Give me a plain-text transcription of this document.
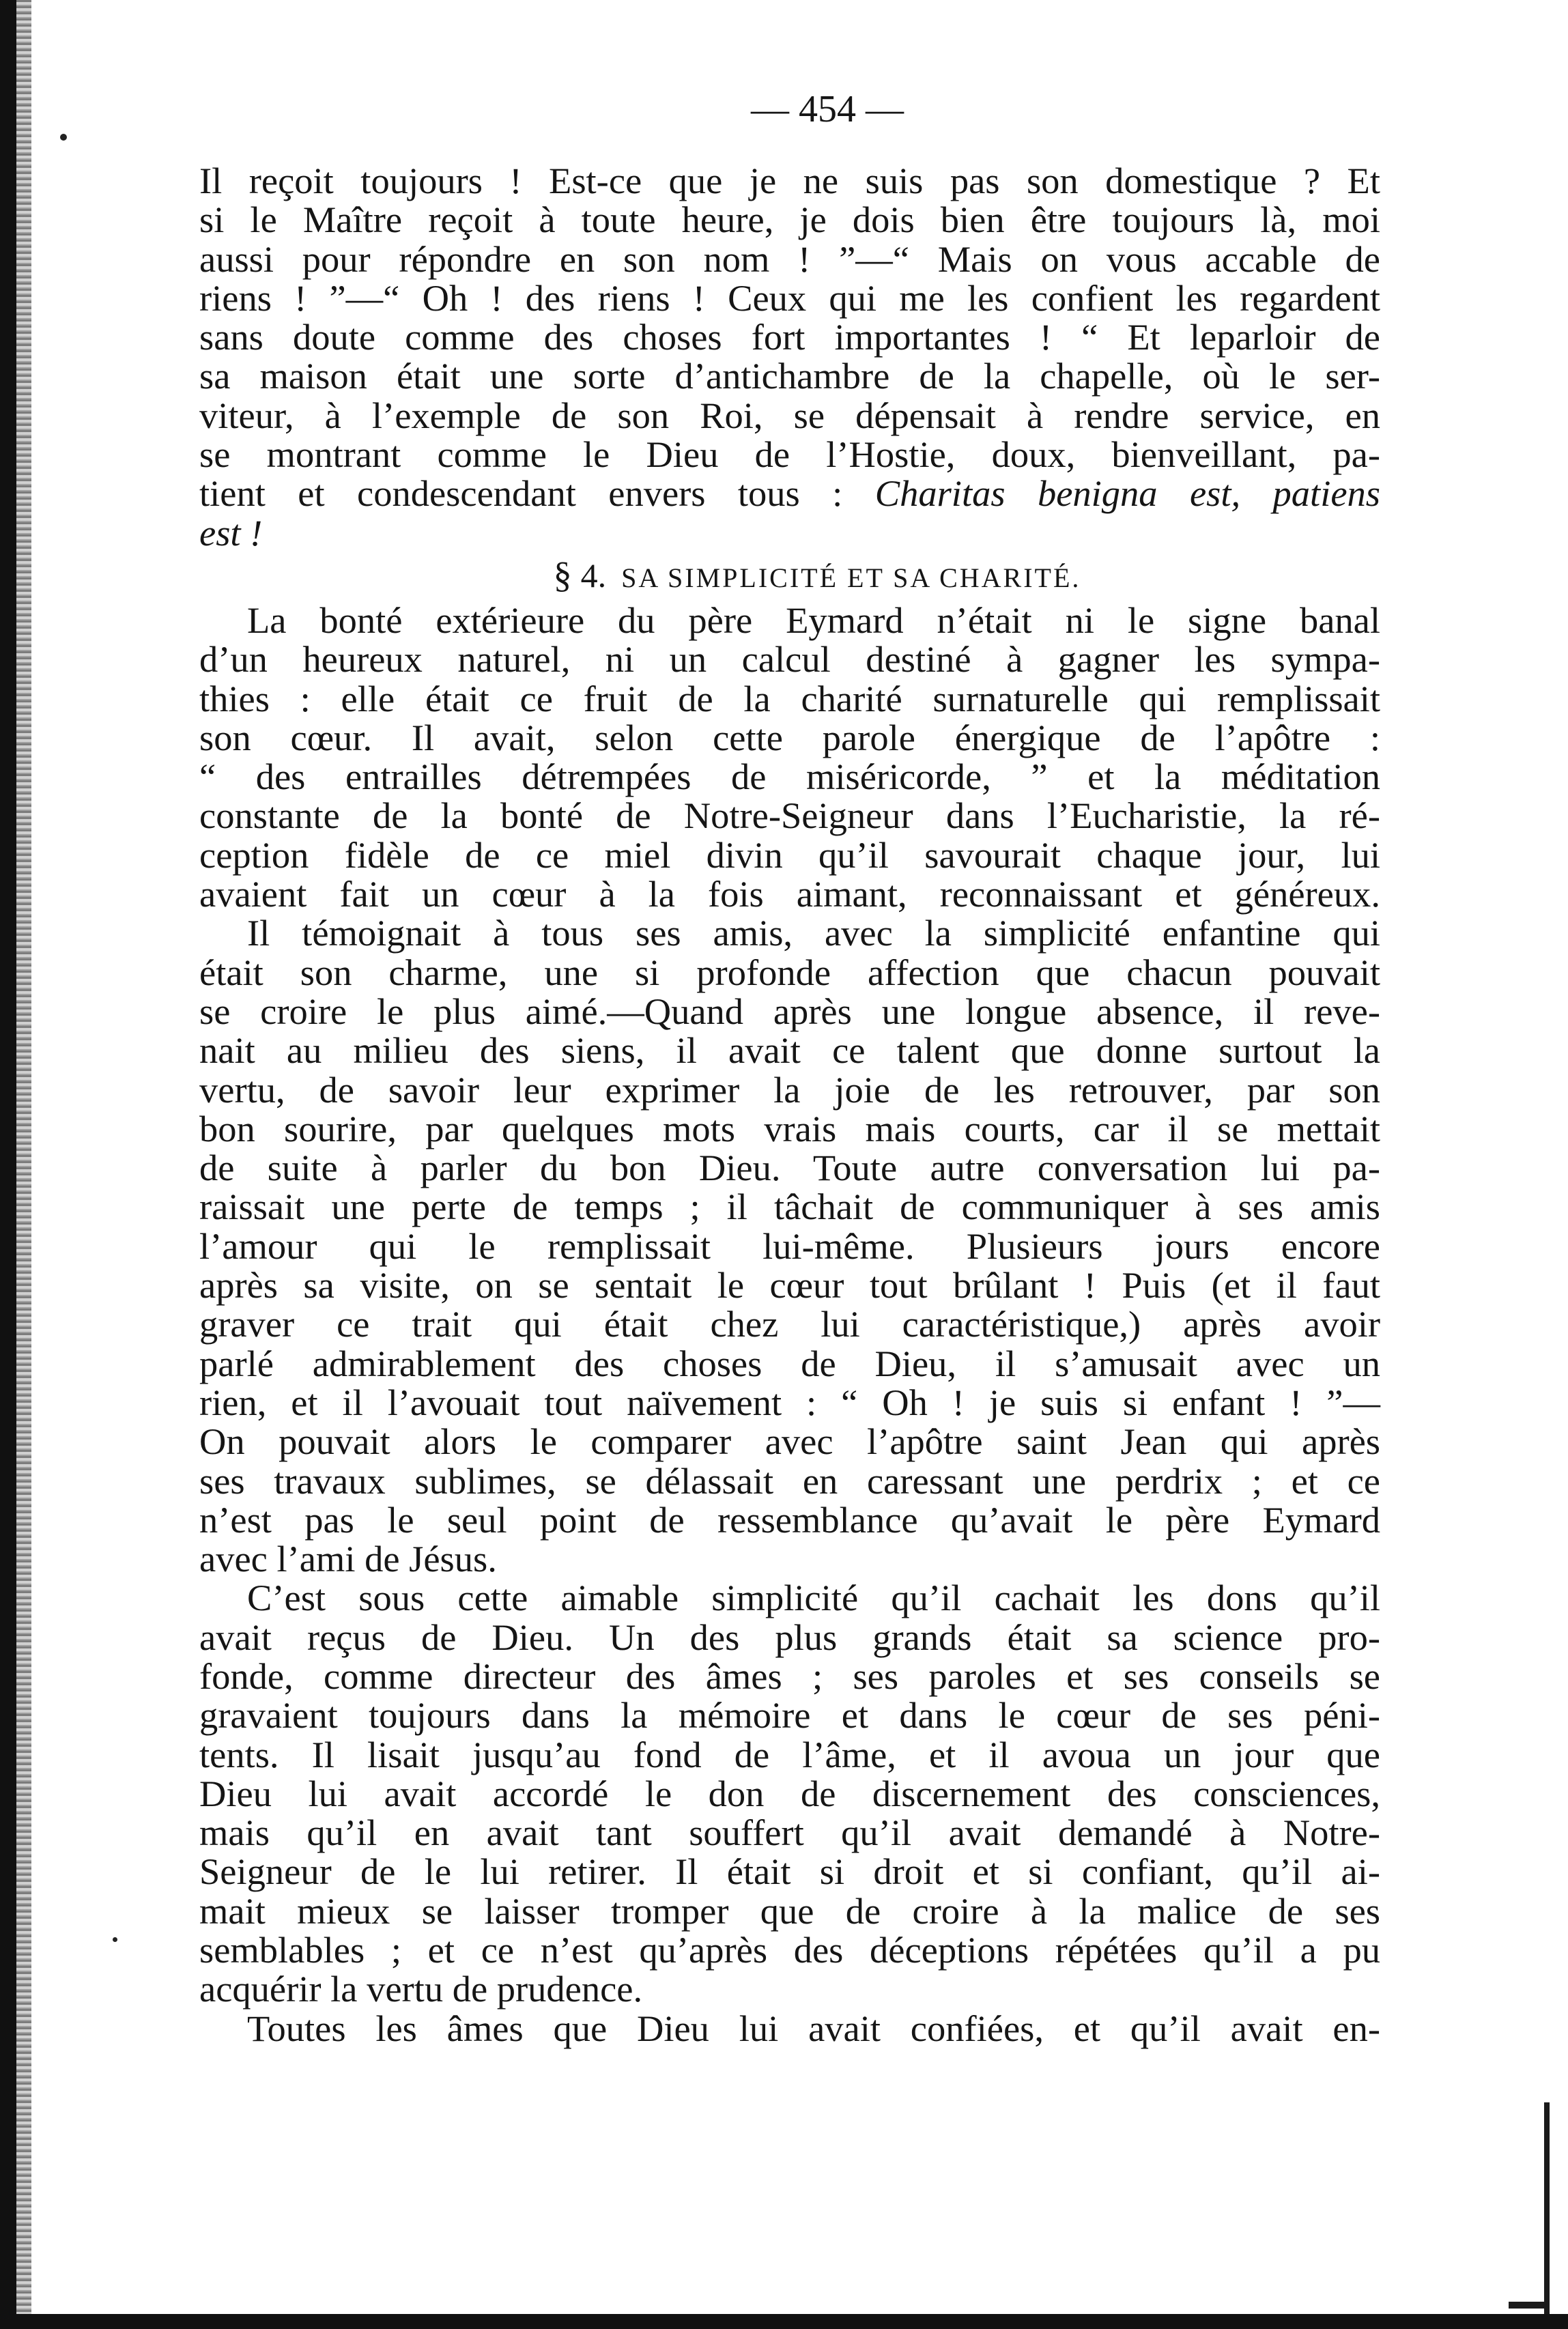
— 454 —
Il reçoit toujours ! Est-ce que je ne suis pas son domestique ? Et
si le Maître reçoit à toute heure, je dois bien être toujours là, moi
aussi pour répondre en son nom ! ”—“ Mais on vous accable de
riens ! ”—“ Oh ! des riens ! Ceux qui me les confient les regardent
sans doute comme des choses fort importantes ! “ Et leparloir de
sa maison était une sorte d’antichambre de la chapelle, où le ser-
viteur, à l’exemple de son Roi, se dépensait à rendre service, en
se montrant comme le Dieu de l’Hostie, doux, bienveillant, pa-
tient et condescendant envers tous : Charitas benigna est, patiens
est !
§ 4. SA SIMPLICITÉ ET SA CHARITÉ.
La bonté extérieure du père Eymard n’était ni le signe banal
d’un heureux naturel, ni un calcul destiné à gagner les sympa-
thies : elle était ce fruit de la charité surnaturelle qui remplissait
son cœur. Il avait, selon cette parole énergique de l’apôtre :
“ des entrailles détrempées de miséricorde, ” et la méditation
constante de la bonté de Notre-Seigneur dans l’Eucharistie, la ré-
ception fidèle de ce miel divin qu’il savourait chaque jour, lui
avaient fait un cœur à la fois aimant, reconnaissant et généreux.
Il témoignait à tous ses amis, avec la simplicité enfantine qui
était son charme, une si profonde affection que chacun pouvait
se croire le plus aimé.—Quand après une longue absence, il reve-
nait au milieu des siens, il avait ce talent que donne surtout la
vertu, de savoir leur exprimer la joie de les retrouver, par son
bon sourire, par quelques mots vrais mais courts, car il se mettait
de suite à parler du bon Dieu. Toute autre conversation lui pa-
raissait une perte de temps ; il tâchait de communiquer à ses amis
l’amour qui le remplissait lui-même. Plusieurs jours encore
après sa visite, on se sentait le cœur tout brûlant ! Puis (et il faut
graver ce trait qui était chez lui caractéristique,) après avoir
parlé admirablement des choses de Dieu, il s’amusait avec un
rien, et il l’avouait tout naïvement : “ Oh ! je suis si enfant ! ”—
On pouvait alors le comparer avec l’apôtre saint Jean qui après
ses travaux sublimes, se délassait en caressant une perdrix ; et ce
n’est pas le seul point de ressemblance qu’avait le père Eymard
avec l’ami de Jésus.
C’est sous cette aimable simplicité qu’il cachait les dons qu’il
avait reçus de Dieu. Un des plus grands était sa science pro-
fonde, comme directeur des âmes ; ses paroles et ses conseils se
gravaient toujours dans la mémoire et dans le cœur de ses péni-
tents. Il lisait jusqu’au fond de l’âme, et il avoua un jour que
Dieu lui avait accordé le don de discernement des consciences,
mais qu’il en avait tant souffert qu’il avait demandé à Notre-
Seigneur de le lui retirer. Il était si droit et si confiant, qu’il ai-
mait mieux se laisser tromper que de croire à la malice de ses
semblables ; et ce n’est qu’après des déceptions répétées qu’il a pu
acquérir la vertu de prudence.
Toutes les âmes que Dieu lui avait confiées, et qu’il avait en-
